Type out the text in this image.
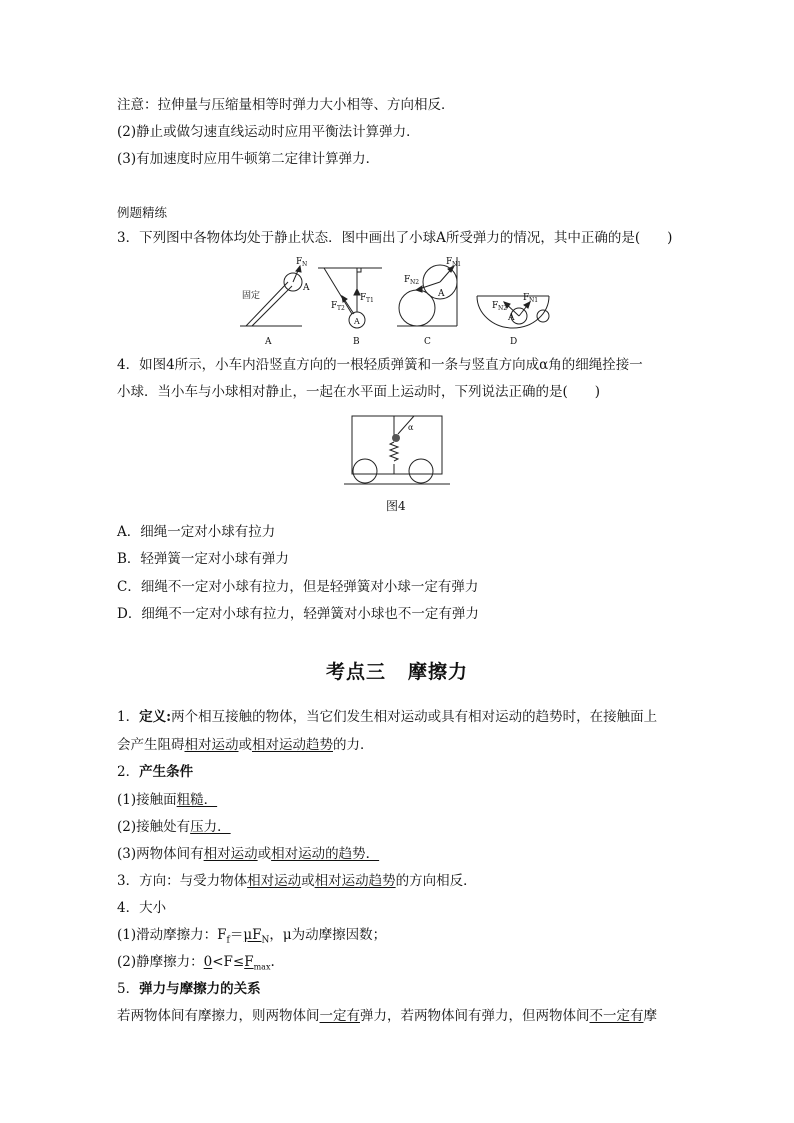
注意：拉伸量与压缩量相等时弹力大小相等、方向相反．
(2)静止或做匀速直线运动时应用平衡法计算弹力．
(3)有加速度时应用牛顿第二定律计算弹力．
例题精练
3．下列图中各物体均处于静止状态．图中画出了小球A所受弹力的情况，其中正确的是(　　)
F N
A
固定	F T1
F T2
A
F N1
F N2
A
F N2
F N1
A
A	B	C	D
4．如图4所示，小车内沿竖直方向的一根轻质弹簧和一条与竖直方向成α角的细绳拴接一
小球．当小车与小球相对静止，一起在水平面上运动时，下列说法正确的是(　　)
α
图4
A．细绳一定对小球有拉力
B．轻弹簧一定对小球有弹力
C．细绳不一定对小球有拉力，但是轻弹簧对小球一定有弹力
D．细绳不一定对小球有拉力，轻弹簧对小球也不一定有弹力
考点三 摩擦力
1．定义:两个相互接触的物体，当它们发生相对运动或具有相对运动的趋势时，在接触面上
会产生阻碍相对运动或相对运动趋势的力．
2．产生条件
(1)接触面粗糙．
(2)接触处有压力．
(3)两物体间有相对运动或相对运动的趋势．
3．方向：与受力物体相对运动或相对运动趋势的方向相反．
4．大小
(1)滑动摩擦力：$F_f=\mu F_N$，μ为动摩擦因数；
(2)静摩擦力：$0<F\le F_{max}$.
5．弹力与摩擦力的关系
若两物体间有摩擦力，则两物体间一定有弹力，若两物体间有弹力，但两物体间不一定有摩
